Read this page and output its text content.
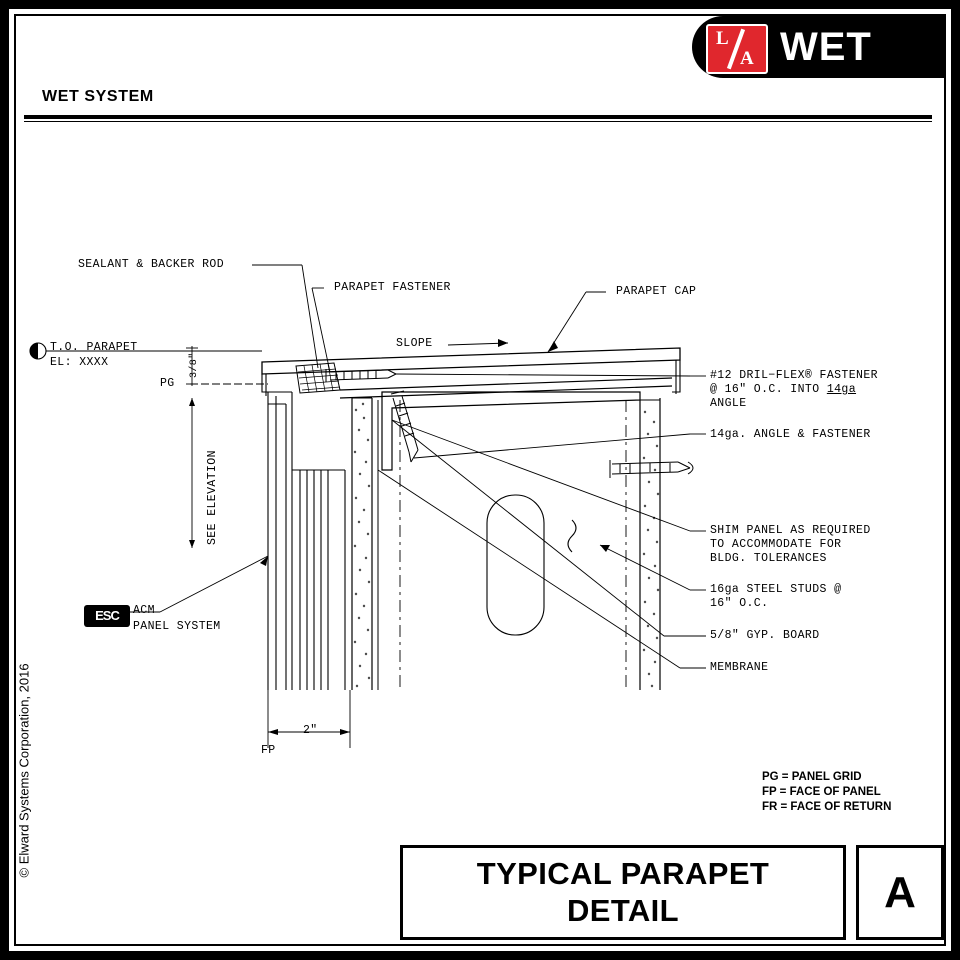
L
A WET
WET SYSTEM
© Elward Systems Corporation, 2016
SEALANT & BACKER ROD
PARAPET FASTENER	PARAPET CAP
SLOPE
T.O. PARAPET
EL: XXXX
PG
3/8"
SEE ELEVATION
#12 DRIL−FLEX® FASTENER
@ 16" O.C. INTO 14ga
ANGLE
14ga. ANGLE & FASTENER
SHIM PANEL AS REQUIRED
TO ACCOMMODATE FOR
BLDG. TOLERANCES
16ga STEEL STUDS @
16" O.C.
5/8" GYP. BOARD
MEMBRANE
ESC	ACM
PANEL SYSTEM
2"
FP
PG = PANEL GRID
FP = FACE OF PANEL
FR = FACE OF RETURN
TYPICAL PARAPET
DETAIL	A
